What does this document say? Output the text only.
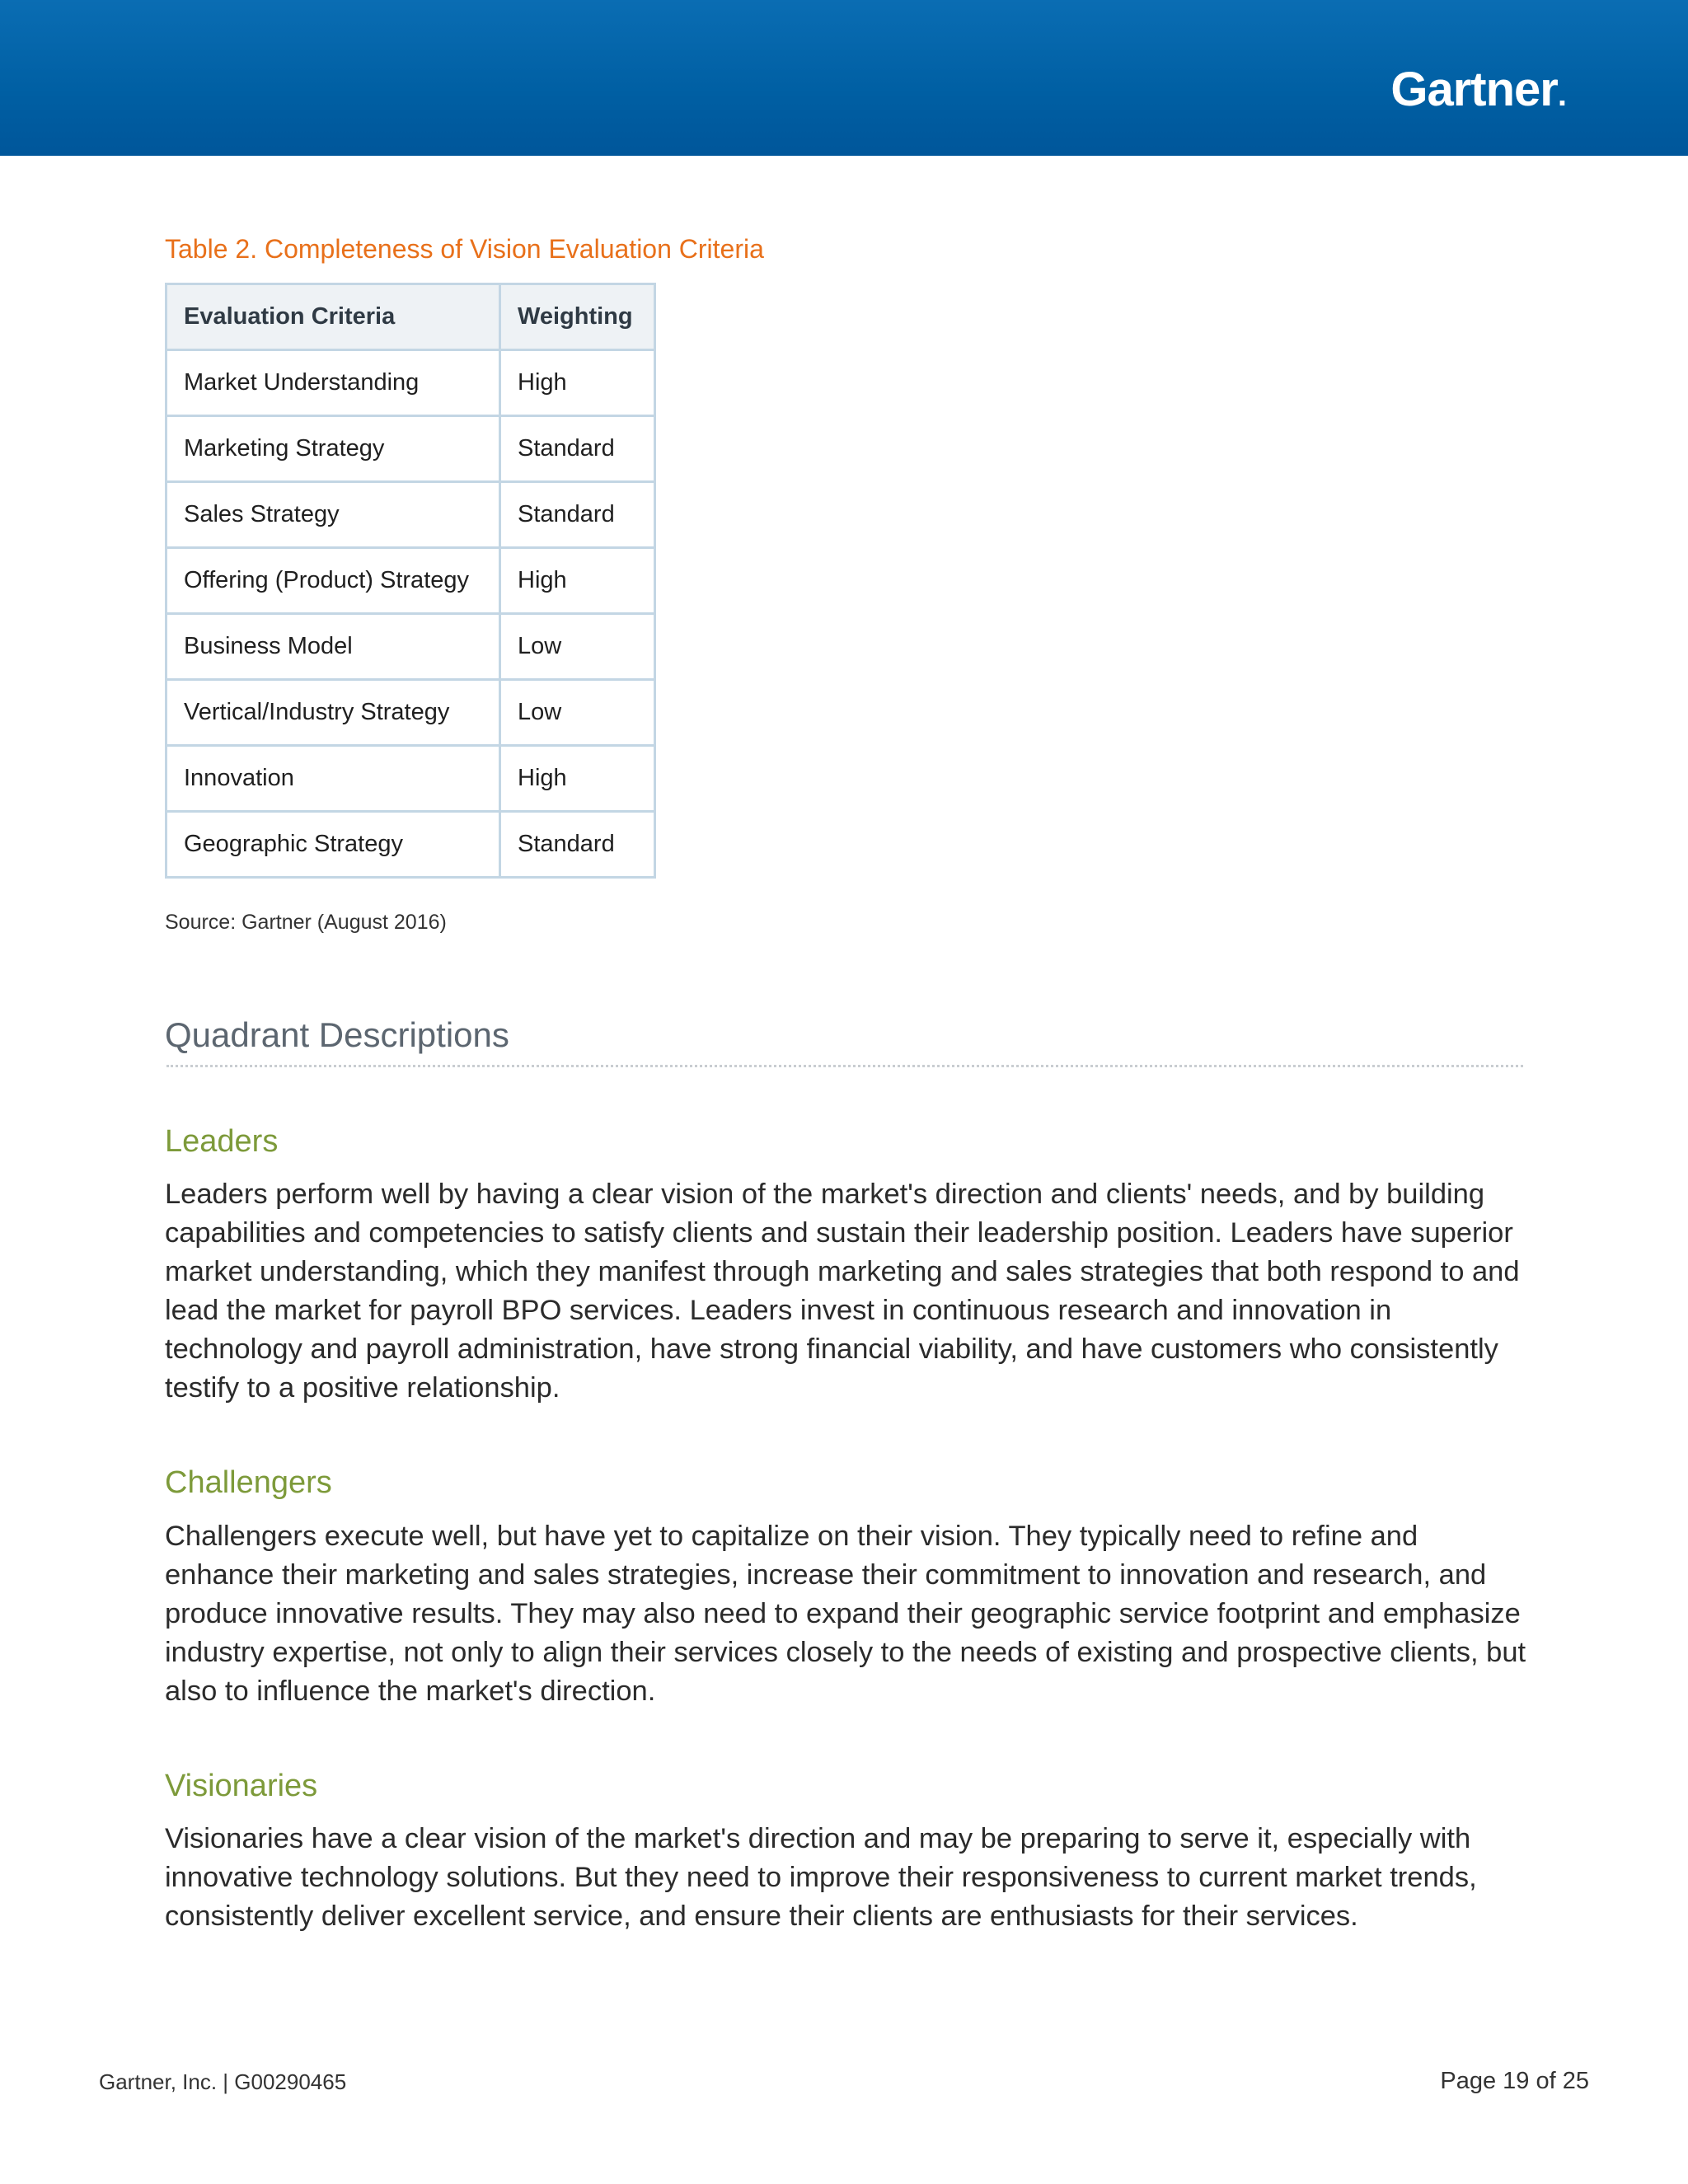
Gartner.
Table 2. Completeness of Vision Evaluation Criteria
Evaluation Criteria	Weighting
Market Understanding	High
Marketing Strategy	Standard
Sales Strategy	Standard
Offering (Product) Strategy	High
Business Model	Low
Vertical/Industry Strategy	Low
Innovation	High
Geographic Strategy	Standard
Source: Gartner (August 2016)
Quadrant Descriptions
Leaders

Leaders perform well by having a clear vision of the market's direction and clients' needs, and by building capabilities and competencies to satisfy clients and sustain their leadership position. Leaders have superior market understanding, which they manifest through marketing and sales strategies that both respond to and lead the market for payroll BPO services. Leaders invest in continuous research and innovation in technology and payroll administration, have strong financial viability, and have customers who consistently testify to a positive relationship.

Challengers

Challengers execute well, but have yet to capitalize on their vision. They typically need to refine and enhance their marketing and sales strategies, increase their commitment to innovation and research, and produce innovative results. They may also need to expand their geographic service footprint and emphasize industry expertise, not only to align their services closely to the needs of existing and prospective clients, but also to influence the market's direction.

Visionaries

Visionaries have a clear vision of the market's direction and may be preparing to serve it, especially with innovative technology solutions. But they need to improve their responsiveness to current market trends, consistently deliver excellent service, and ensure their clients are enthusiasts for their services.

Gartner, Inc. | G00290465	Page 19 of 25
